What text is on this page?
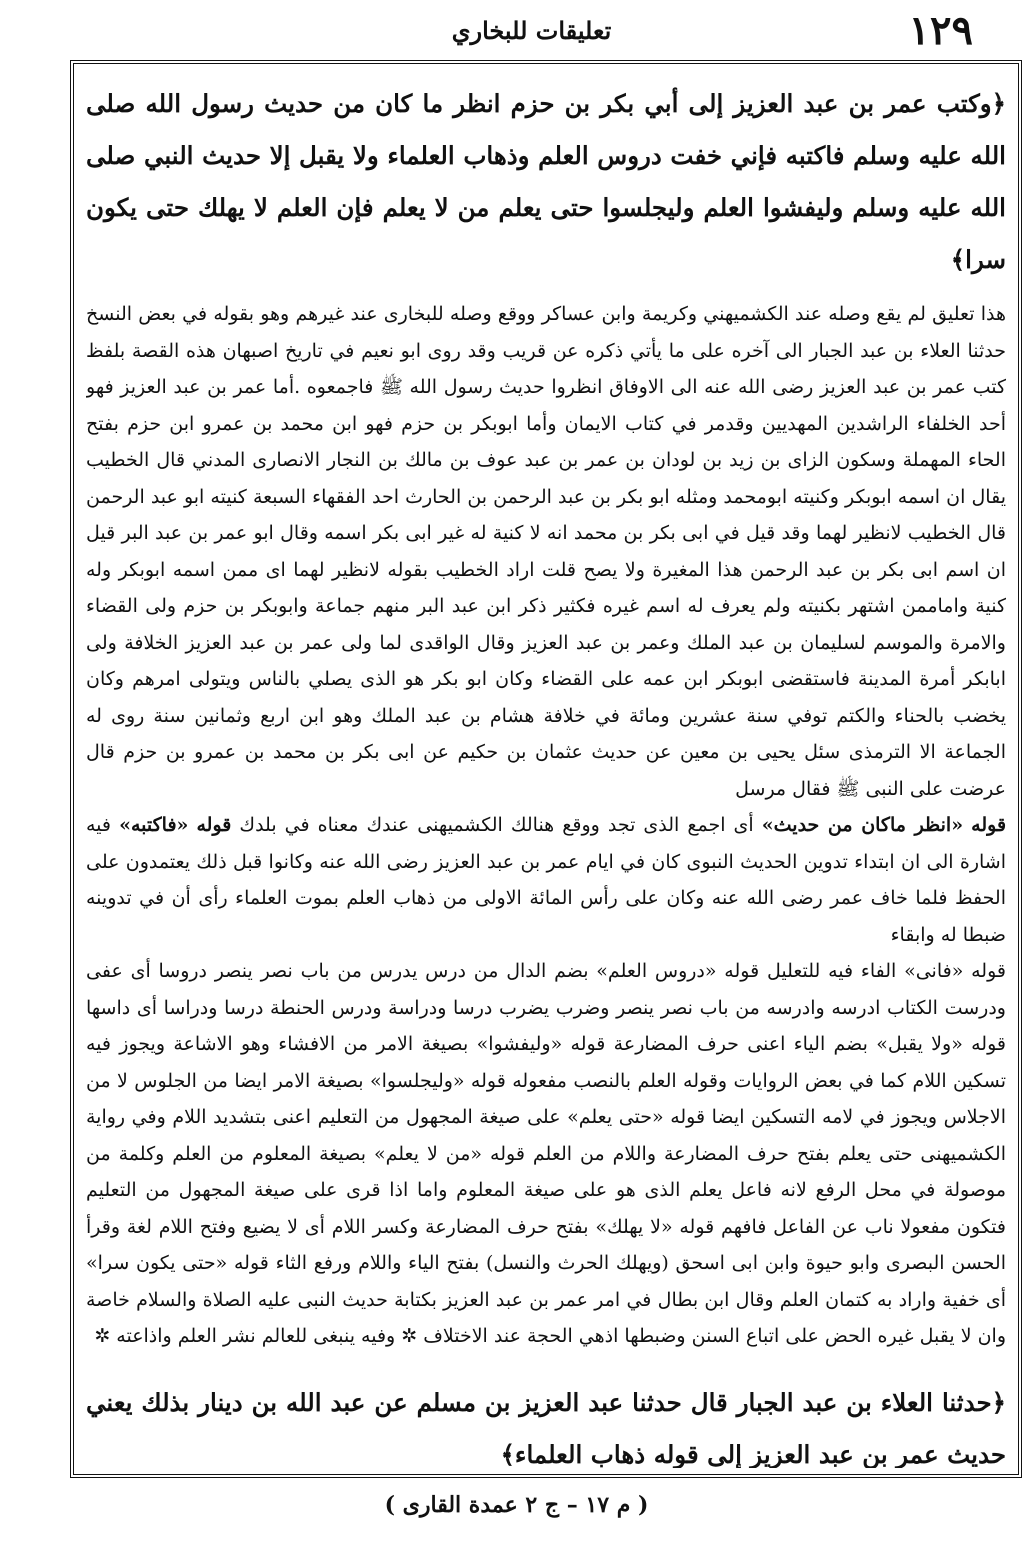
١٢٩
تعليقات للبخاري

﴿وكتب عمر بن عبد العزيز إلى أبي بكر بن حزم انظر ما كان من حديث رسول الله صلى الله عليه وسلم فاكتبه فإني خفت دروس العلم وذهاب العلماء ولا يقبل إلا حديث النبي صلى الله عليه وسلم وليفشوا العلم وليجلسوا حتى يعلم من لا يعلم فإن العلم لا يهلك حتى يكون سرا﴾

هذا تعليق لم يقع وصله عند الكشميهني وكريمة وابن عساكر ووقع وصله للبخارى عند غيرهم وهو بقوله في بعض النسخ حدثنا العلاء بن عبد الجبار الى آخره على ما يأتي ذكره عن قريب وقد روى ابو نعيم في تاريخ اصبهان هذه القصة بلفظ كتب عمر بن عبد العزيز رضى الله عنه الى الاوفاق انظروا حديث رسول الله ﷺ فاجمعوه .أما عمر بن عبد العزيز فهو أحد الخلفاء الراشدين المهديين وقدمر في كتاب الايمان وأما ابوبكر بن حزم فهو ابن محمد بن عمرو ابن حزم بفتح الحاء المهملة وسكون الزاى بن زيد بن لودان بن عمر بن عبد عوف بن مالك بن النجار الانصارى المدني قال الخطيب يقال ان اسمه ابوبكر وكنيته ابومحمد ومثله ابو بكر بن عبد الرحمن بن الحارث احد الفقهاء السبعة كنيته ابو عبد الرحمن قال الخطيب لانظير لهما وقد قيل في ابى بكر بن محمد انه لا كنية له غير ابى بكر اسمه وقال ابو عمر بن عبد البر قيل ان اسم ابى بكر بن عبد الرحمن هذا المغيرة ولا يصح قلت اراد الخطيب بقوله لانظير لهما اى ممن اسمه ابوبكر وله كنية واماممن اشتهر بكنيته ولم يعرف له اسم غيره فكثير ذكر ابن عبد البر منهم جماعة وابوبكر بن حزم ولى القضاء والامرة والموسم لسليمان بن عبد الملك وعمر بن عبد العزيز وقال الواقدى لما ولى عمر بن عبد العزيز الخلافة ولى ابابكر أمرة المدينة فاستقضى ابوبكر ابن عمه على القضاء وكان ابو بكر هو الذى يصلي بالناس ويتولى امرهم وكان يخضب بالحناء والكتم توفي سنة عشرين ومائة في خلافة هشام بن عبد الملك وهو ابن اربع وثمانين سنة روى له الجماعة الا الترمذى سئل يحيى بن معين عن حديث عثمان بن حكيم عن ابى بكر بن محمد بن عمرو بن حزم قال عرضت على النبى ﷺ فقال مرسل

قوله «انظر ماكان من حديث» أى اجمع الذى تجد ووقع هنالك الكشميهنى عندك معناه في بلدك قوله «فاكتبه» فيه اشارة الى ان ابتداء تدوين الحديث النبوى كان في ايام عمر بن عبد العزيز رضى الله عنه وكانوا قبل ذلك يعتمدون على الحفظ فلما خاف عمر رضى الله عنه وكان على رأس المائة الاولى من ذهاب العلم بموت العلماء رأى أن في تدوينه ضبطا له وابقاء

قوله «فانى» الفاء فيه للتعليل قوله «دروس العلم» بضم الدال من درس يدرس من باب نصر ينصر دروسا أى عفى ودرست الكتاب ادرسه وادرسه من باب نصر ينصر وضرب يضرب درسا ودراسة ودرس الحنطة درسا ودراسا أى داسها قوله «ولا يقبل» بضم الياء اعنى حرف المضارعة قوله «وليفشوا» بصيغة الامر من الافشاء وهو الاشاعة ويجوز فيه تسكين اللام كما في بعض الروايات وقوله العلم بالنصب مفعوله قوله «وليجلسوا» بصيغة الامر ايضا من الجلوس لا من الاجلاس ويجوز في لامه التسكين ايضا قوله «حتى يعلم» على صيغة المجهول من التعليم اعنى بتشديد اللام وفي رواية الكشميهنى حتى يعلم بفتح حرف المضارعة واللام من العلم قوله «من لا يعلم» بصيغة المعلوم من العلم وكلمة من موصولة في محل الرفع لانه فاعل يعلم الذى هو على صيغة المعلوم واما اذا قرى على صيغة المجهول من التعليم فتكون مفعولا ناب عن الفاعل فافهم قوله «لا يهلك» بفتح حرف المضارعة وكسر اللام أى لا يضيع وفتح اللام لغة وقرأ الحسن البصرى وابو حيوة وابن ابى اسحق (ويهلك الحرث والنسل) بفتح الياء واللام ورفع الثاء قوله «حتى يكون سرا» أى خفية واراد به كتمان العلم وقال ابن بطال في امر عمر بن عبد العزيز بكتابة حديث النبى عليه الصلاة والسلام خاصة وان لا يقبل غيره الحض على اتباع السنن وضبطها اذهي الحجة عند الاختلاف ✲ وفيه ينبغى للعالم نشر العلم واذاعته ✲

﴿حدثنا العلاء بن عبد الجبار قال حدثنا عبد العزيز بن مسلم عن عبد الله بن دينار بذلك يعني حديث عمر بن عبد العزيز إلى قوله ذهاب العلماء﴾

( م ١٧ – ج ٢ عمدة القارى )
